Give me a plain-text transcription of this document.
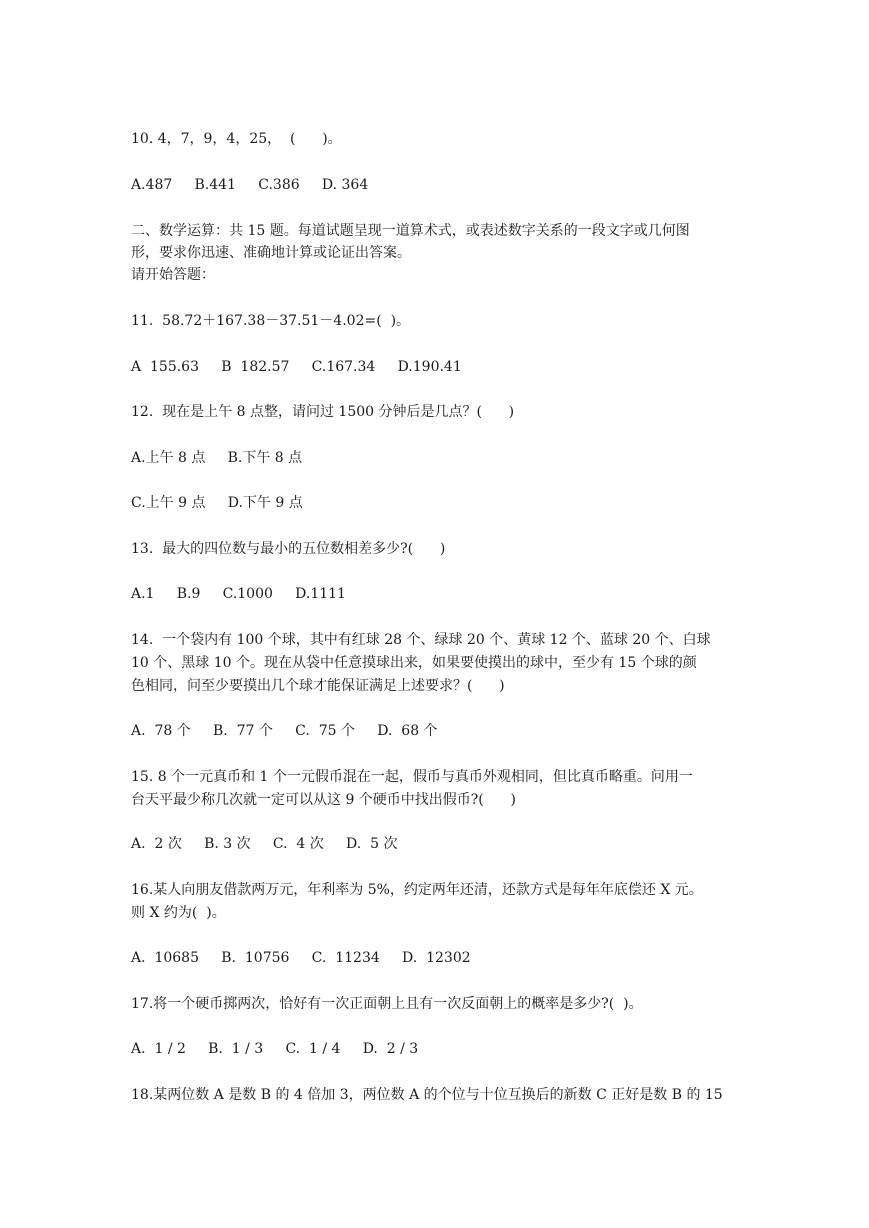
10. 4，7，9，4，25，  (      )。
A.487     B.441     C.386     D. 364
二、数学运算：共 15 题。每道试题呈现一道算术式，或表述数字关系的一段文字或几何图
形，要求你迅速、准确地计算或论证出答案。
请开始答题：
11.  58.72＋167.38－37.51－4.02=(  )。
A  155.63     B  182.57     C.167.34     D.190.41
12.  现在是上午 8 点整，请问过 1500 分钟后是几点？(      )
A.上午 8 点     B.下午 8 点
C.上午 9 点     D.下午 9 点
13.  最大的四位数与最小的五位数相差多少?(      )
A.1     B.9     C.1000     D.1111
14.  一个袋内有 100 个球，其中有红球 28 个、绿球 20 个、黄球 12 个、蓝球 20 个、白球
10 个、黑球 10 个。现在从袋中任意摸球出来，如果要使摸出的球中，至少有 15 个球的颜
色相同，问至少要摸出几个球才能保证满足上述要求？(      )
A.  78 个     B.  77 个     C.  75 个     D.  68 个
15. 8 个一元真币和 1 个一元假币混在一起，假币与真币外观相同，但比真币略重。问用一
台天平最少称几次就一定可以从这 9 个硬币中找出假币?(      )
A.  2 次     B. 3 次     C.  4 次     D.  5 次
16.某人向朋友借款两万元，年利率为 5%，约定两年还清，还款方式是每年年底偿还 X 元。
则 X 约为(  )。
A.  10685     B.  10756     C.  11234     D.  12302
17.将一个硬币掷两次，恰好有一次正面朝上且有一次反面朝上的概率是多少?(  )。
A.  1 / 2     B.  1 / 3     C.  1 / 4     D.  2 / 3
18.某两位数 A 是数 B 的 4 倍加 3，两位数 A 的个位与十位互换后的新数 C 正好是数 B 的 15
